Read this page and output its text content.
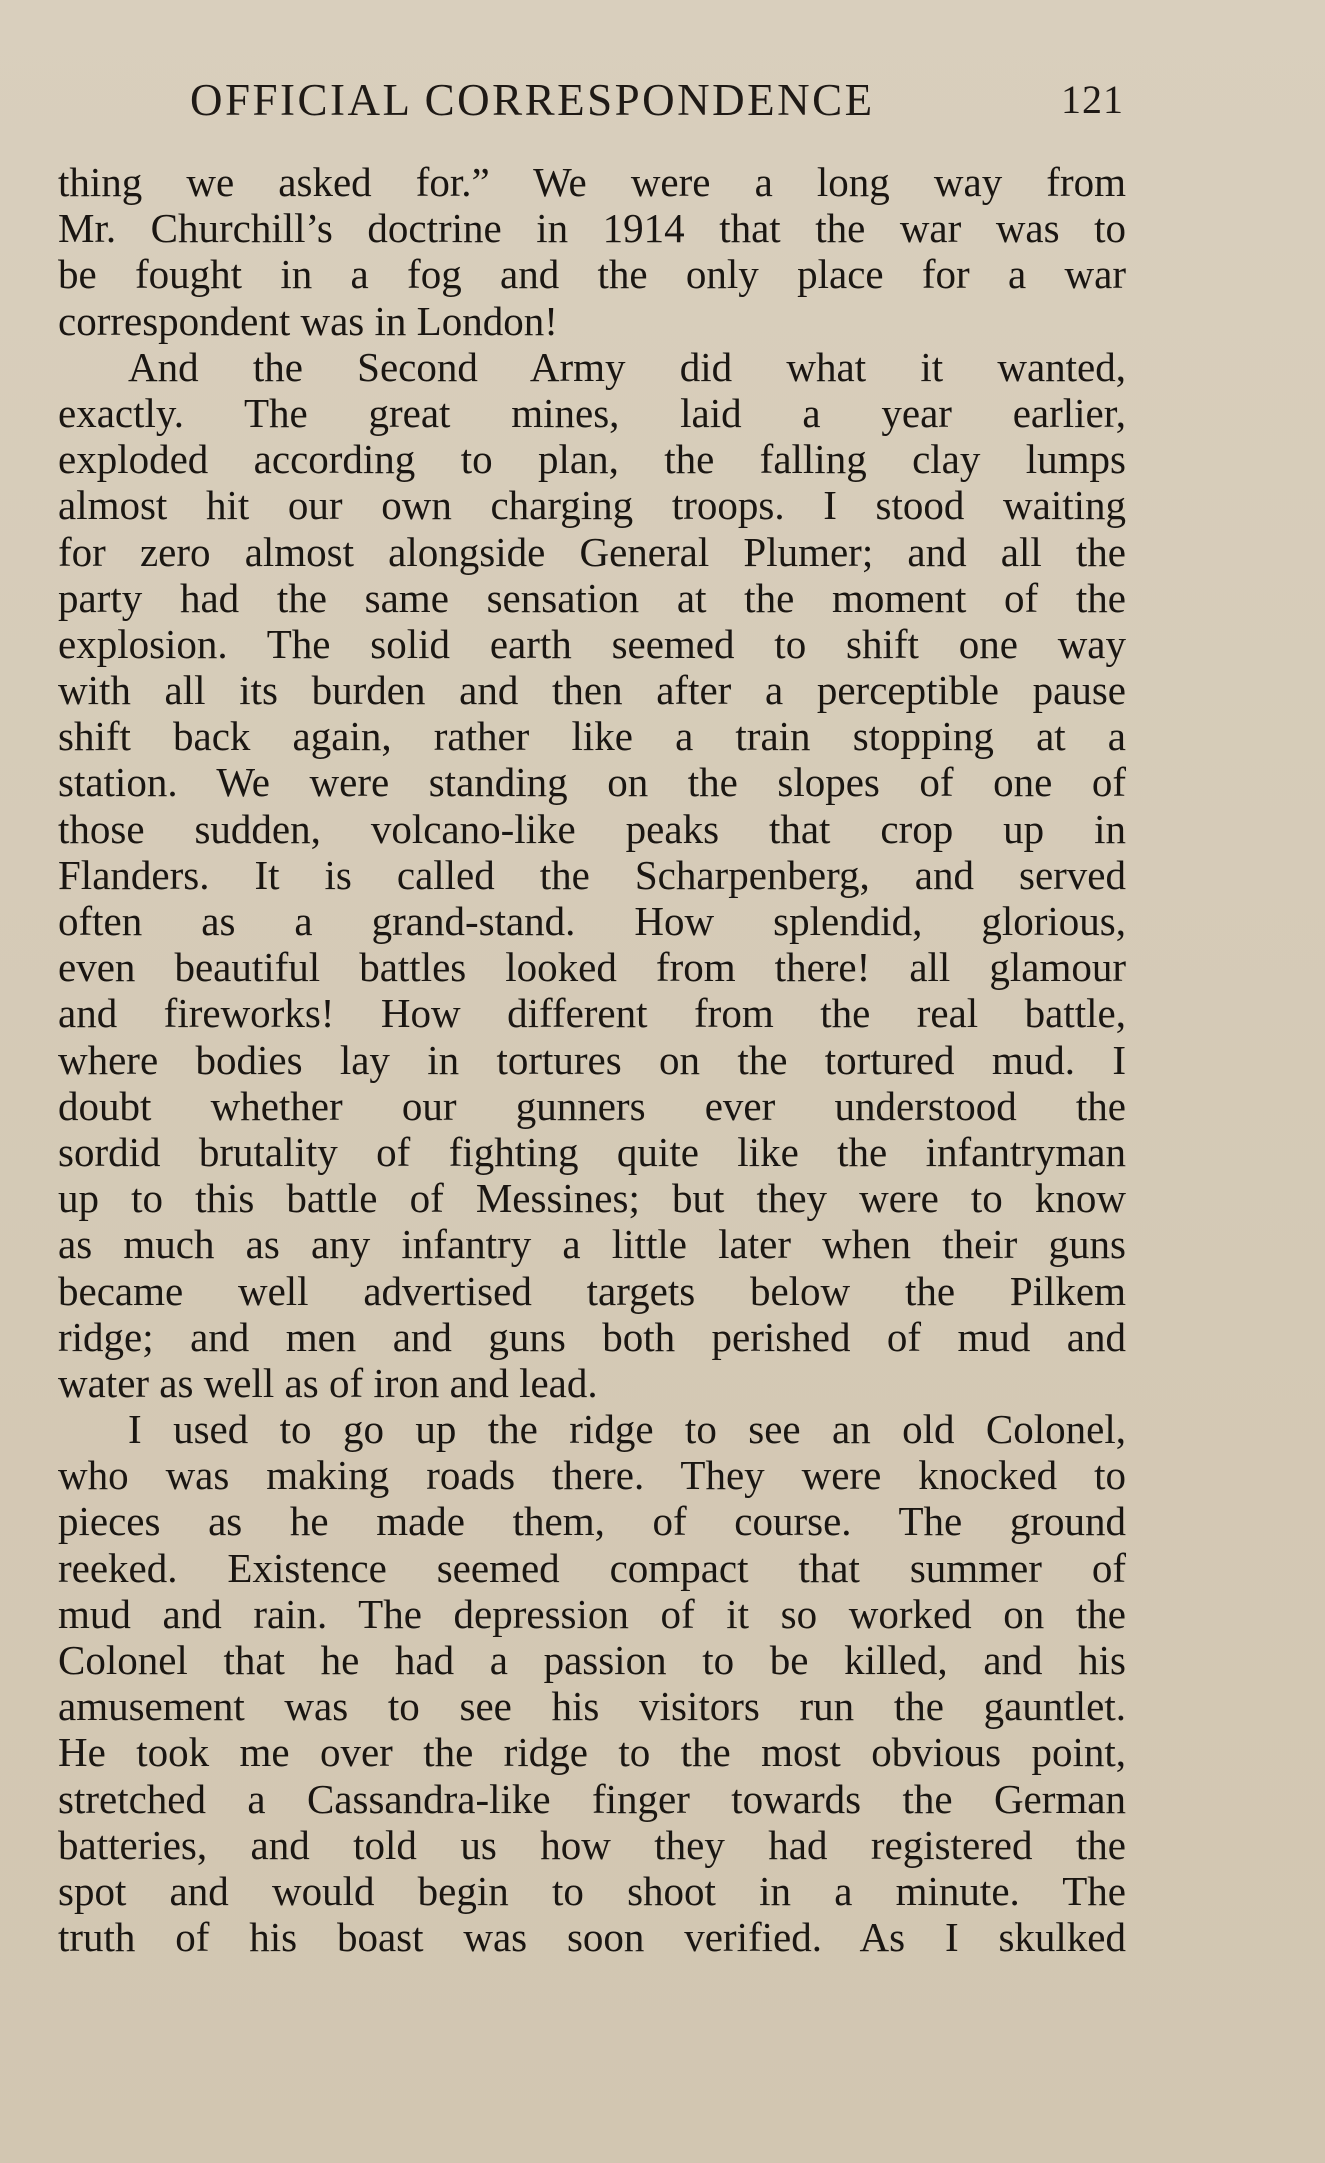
OFFICIAL CORRESPONDENCE	121
thing we asked for.” We were a long way from
Mr. Churchill’s doctrine in 1914 that the war was to
be fought in a fog and the only place for a war
correspondent was in London!
And the Second Army did what it wanted,
exactly. The great mines, laid a year earlier,
exploded according to plan, the falling clay lumps
almost hit our own charging troops. I stood waiting
for zero almost alongside General Plumer; and all the
party had the same sensation at the moment of the
explosion. The solid earth seemed to shift one way
with all its burden and then after a perceptible pause
shift back again, rather like a train stopping at a
station. We were standing on the slopes of one of
those sudden, volcano-like peaks that crop up in
Flanders. It is called the Scharpenberg, and served
often as a grand-stand. How splendid, glorious,
even beautiful battles looked from there! all glamour
and fireworks! How different from the real battle,
where bodies lay in tortures on the tortured mud. I
doubt whether our gunners ever understood the
sordid brutality of fighting quite like the infantryman
up to this battle of Messines; but they were to know
as much as any infantry a little later when their guns
became well advertised targets below the Pilkem
ridge; and men and guns both perished of mud and
water as well as of iron and lead.
I used to go up the ridge to see an old Colonel,
who was making roads there. They were knocked to
pieces as he made them, of course. The ground
reeked. Existence seemed compact that summer of
mud and rain. The depression of it so worked on the
Colonel that he had a passion to be killed, and his
amusement was to see his visitors run the gauntlet.
He took me over the ridge to the most obvious point,
stretched a Cassandra-like finger towards the German
batteries, and told us how they had registered the
spot and would begin to shoot in a minute. The
truth of his boast was soon verified. As I skulked
